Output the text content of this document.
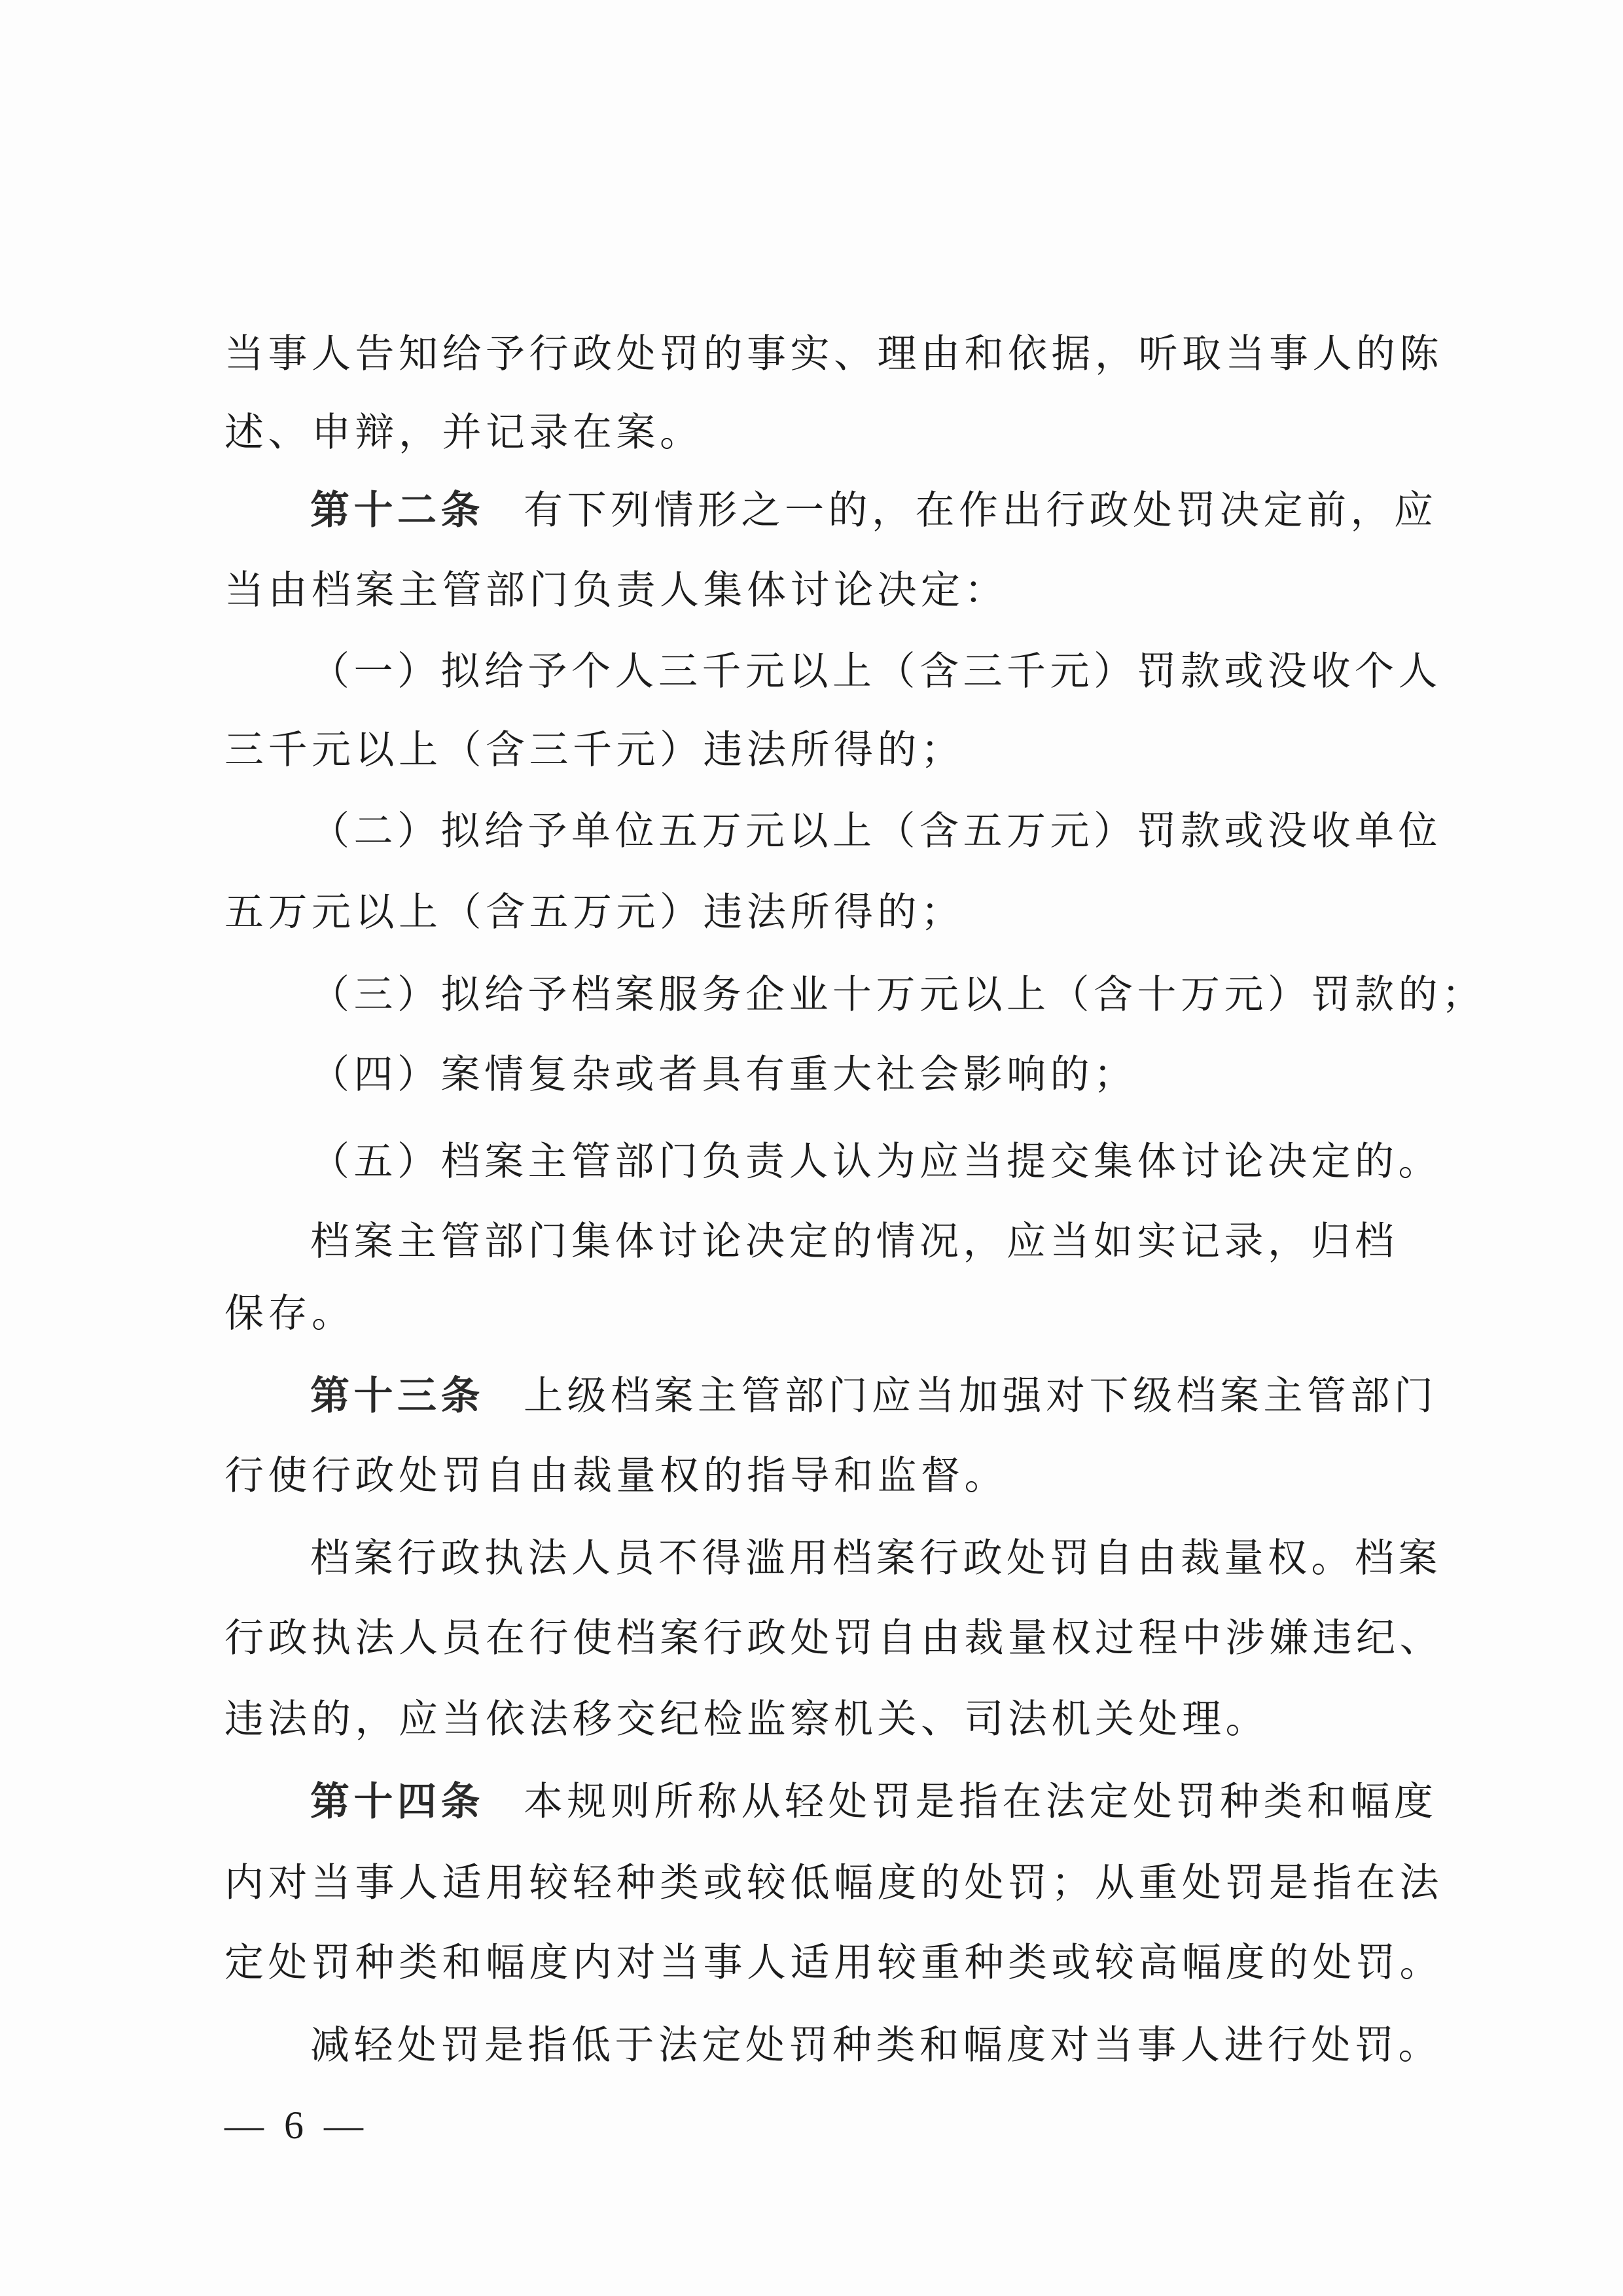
当事人告知给予行政处罚的事实、理由和依据，听取当事人的陈
述、申辩，并记录在案。
第十二条 有下列情形之一的，在作出行政处罚决定前，应
当由档案主管部门负责人集体讨论决定：
（一）拟给予个人三千元以上（含三千元）罚款或没收个人
三千元以上（含三千元）违法所得的；
（二）拟给予单位五万元以上（含五万元）罚款或没收单位
五万元以上（含五万元）违法所得的；
（三）拟给予档案服务企业十万元以上（含十万元）罚款的；
（四）案情复杂或者具有重大社会影响的；
（五）档案主管部门负责人认为应当提交集体讨论决定的。
档案主管部门集体讨论决定的情况，应当如实记录，归档
保存。
第十三条 上级档案主管部门应当加强对下级档案主管部门
行使行政处罚自由裁量权的指导和监督。
档案行政执法人员不得滥用档案行政处罚自由裁量权。档案
行政执法人员在行使档案行政处罚自由裁量权过程中涉嫌违纪、
违法的，应当依法移交纪检监察机关、司法机关处理。
第十四条 本规则所称从轻处罚是指在法定处罚种类和幅度
内对当事人适用较轻种类或较低幅度的处罚；从重处罚是指在法
定处罚种类和幅度内对当事人适用较重种类或较高幅度的处罚。
减轻处罚是指低于法定处罚种类和幅度对当事人进行处罚。
— 6 —
